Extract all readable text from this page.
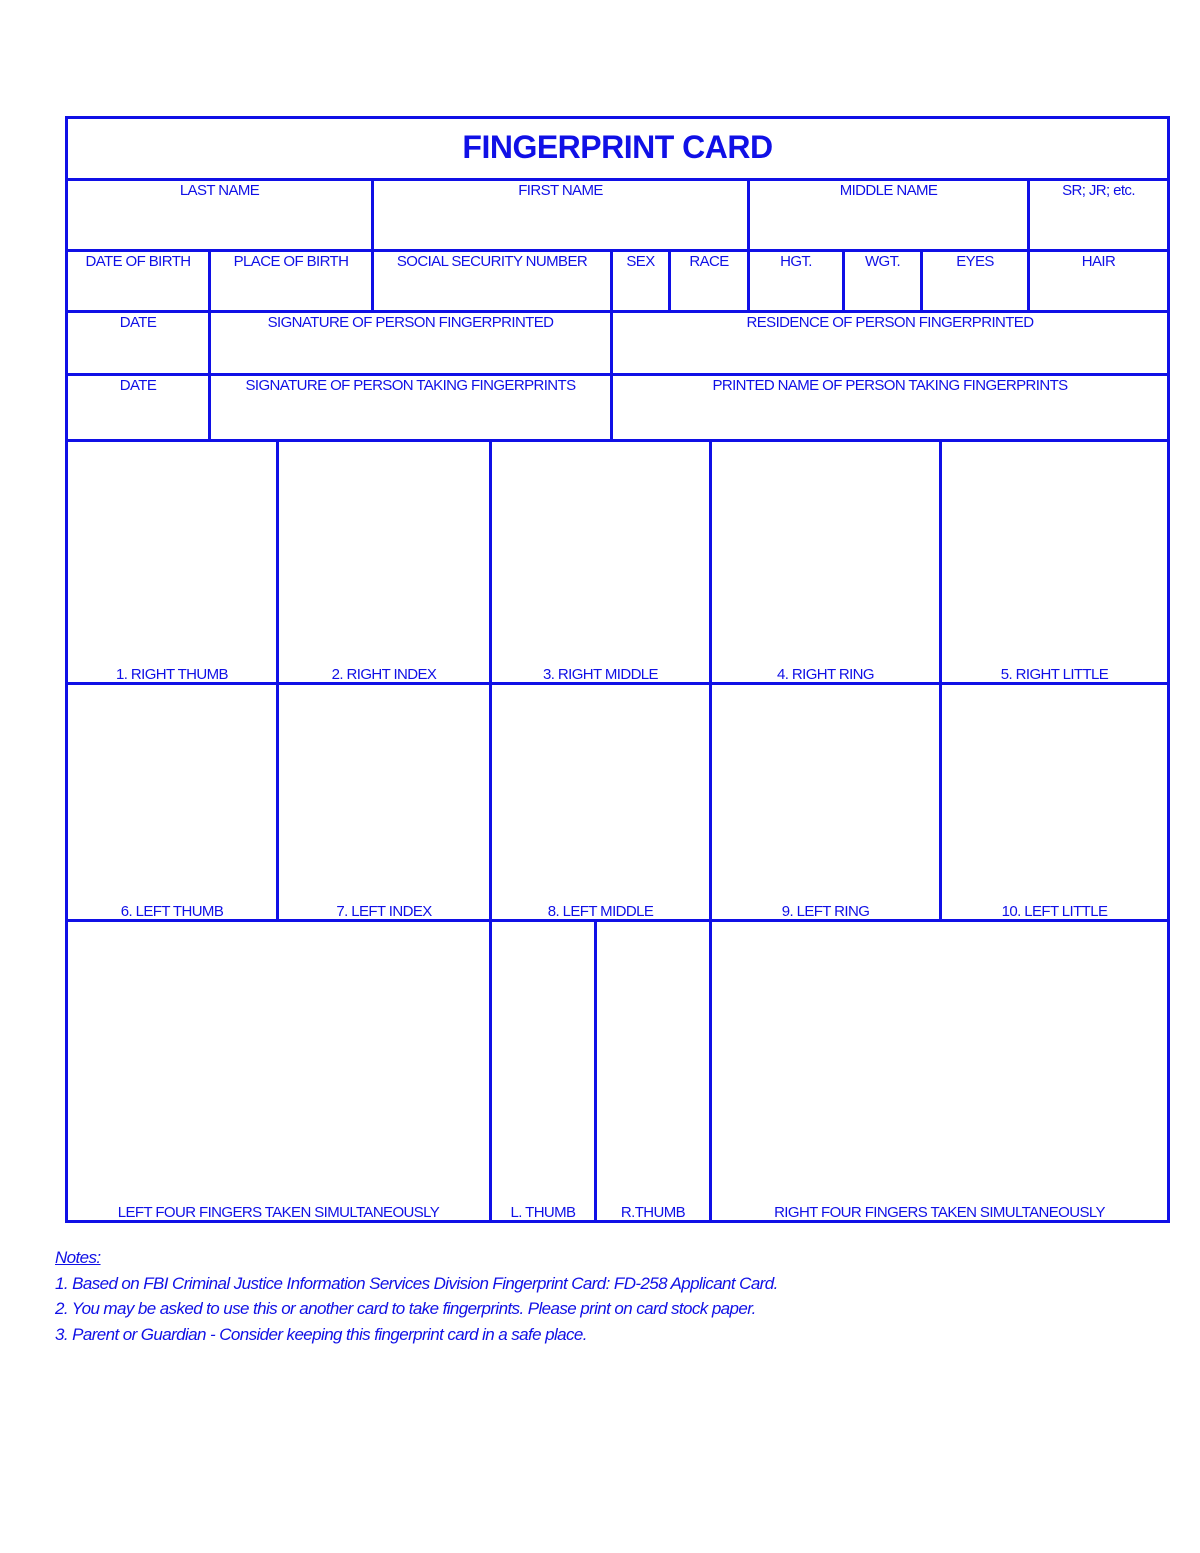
FINGERPRINT CARD
LAST NAME	FIRST NAME	MIDDLE NAME	SR; JR; etc.
DATE OF BIRTH	PLACE OF BIRTH	SOCIAL SECURITY NUMBER	SEX	RACE	HGT.	WGT.	EYES	HAIR
DATE	SIGNATURE OF PERSON FINGERPRINTED	RESIDENCE OF PERSON FINGERPRINTED
DATE	SIGNATURE OF PERSON TAKING FINGERPRINTS	PRINTED NAME OF PERSON TAKING FINGERPRINTS
1. RIGHT THUMB	2. RIGHT INDEX	3. RIGHT MIDDLE	4. RIGHT RING	5. RIGHT LITTLE
6. LEFT THUMB	7. LEFT INDEX	8. LEFT MIDDLE	9. LEFT RING	10. LEFT LITTLE
LEFT FOUR FINGERS TAKEN SIMULTANEOUSLY	L. THUMB	R.THUMB	RIGHT FOUR FINGERS TAKEN SIMULTANEOUSLY
Notes:
1. Based on FBI Criminal Justice Information Services Division Fingerprint Card: FD-258 Applicant Card.
2. You may be asked to use this or another card to take fingerprints. Please print on card stock paper.
3. Parent or Guardian - Consider keeping this fingerprint card in a safe place.
